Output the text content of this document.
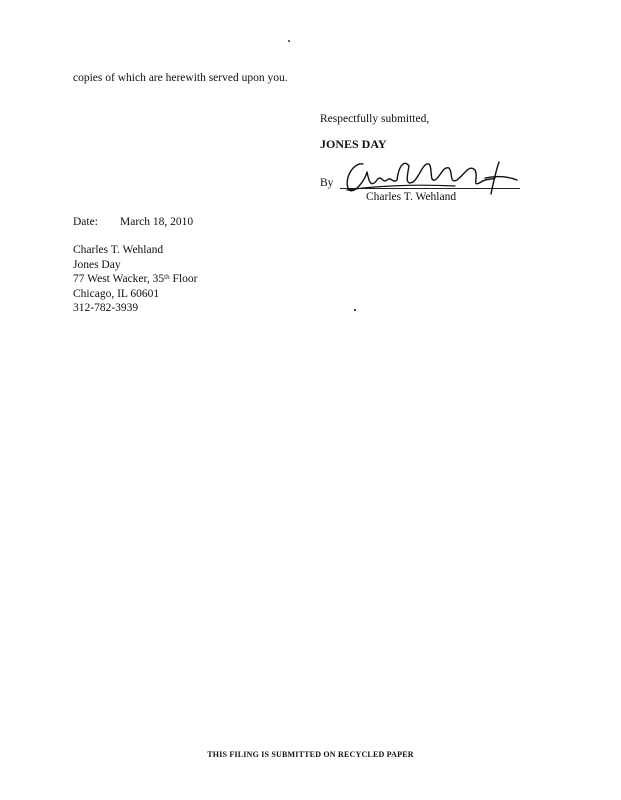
copies of which are herewith served upon you.
Respectfully submitted,
JONES DAY
By
Charles T. Wehland
Date: March 18, 2010
Charles T. Wehland
Jones Day
77 West Wacker, 35th Floor
Chicago, IL 60601
312-782-3939
THIS FILING IS SUBMITTED ON RECYCLED PAPER
